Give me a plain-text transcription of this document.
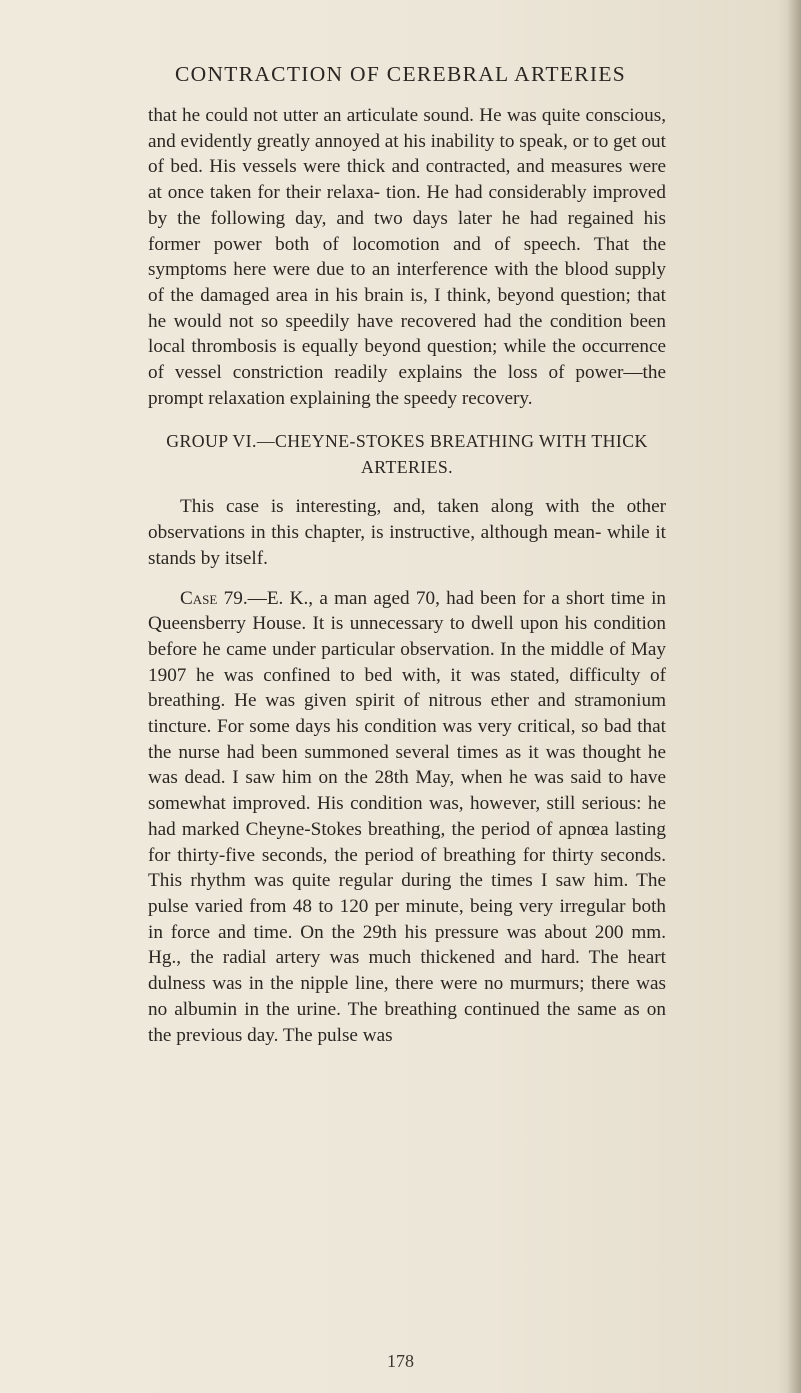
CONTRACTION OF CEREBRAL ARTERIES

that he could not utter an articulate sound. He was quite conscious, and evidently greatly annoyed at his inability to speak, or to get out of bed. His vessels were thick and contracted, and measures were at once taken for their relaxa- tion. He had considerably improved by the following day, and two days later he had regained his former power both of locomotion and of speech. That the symptoms here were due to an interference with the blood supply of the damaged area in his brain is, I think, beyond question; that he would not so speedily have recovered had the condition been local thrombosis is equally beyond question; while the occurrence of vessel constriction readily explains the loss of power—the prompt relaxation explaining the speedy recovery.

GROUP VI.—CHEYNE-STOKES BREATHING WITH THICK
ARTERIES.

This case is interesting, and, taken along with the other observations in this chapter, is instructive, although mean- while it stands by itself.

Case 79.—E. K., a man aged 70, had been for a short time in Queensberry House. It is unnecessary to dwell upon his condition before he came under particular observation. In the middle of May 1907 he was confined to bed with, it was stated, difficulty of breathing. He was given spirit of nitrous ether and stramonium tincture. For some days his condition was very critical, so bad that the nurse had been summoned several times as it was thought he was dead. I saw him on the 28th May, when he was said to have somewhat improved. His condition was, however, still serious: he had marked Cheyne-Stokes breathing, the period of apnœa lasting for thirty-five seconds, the period of breathing for thirty seconds. This rhythm was quite regular during the times I saw him. The pulse varied from 48 to 120 per minute, being very irregular both in force and time. On the 29th his pressure was about 200 mm. Hg., the radial artery was much thickened and hard. The heart dulness was in the nipple line, there were no murmurs; there was no albumin in the urine. The breathing continued the same as on the previous day. The pulse was

178
